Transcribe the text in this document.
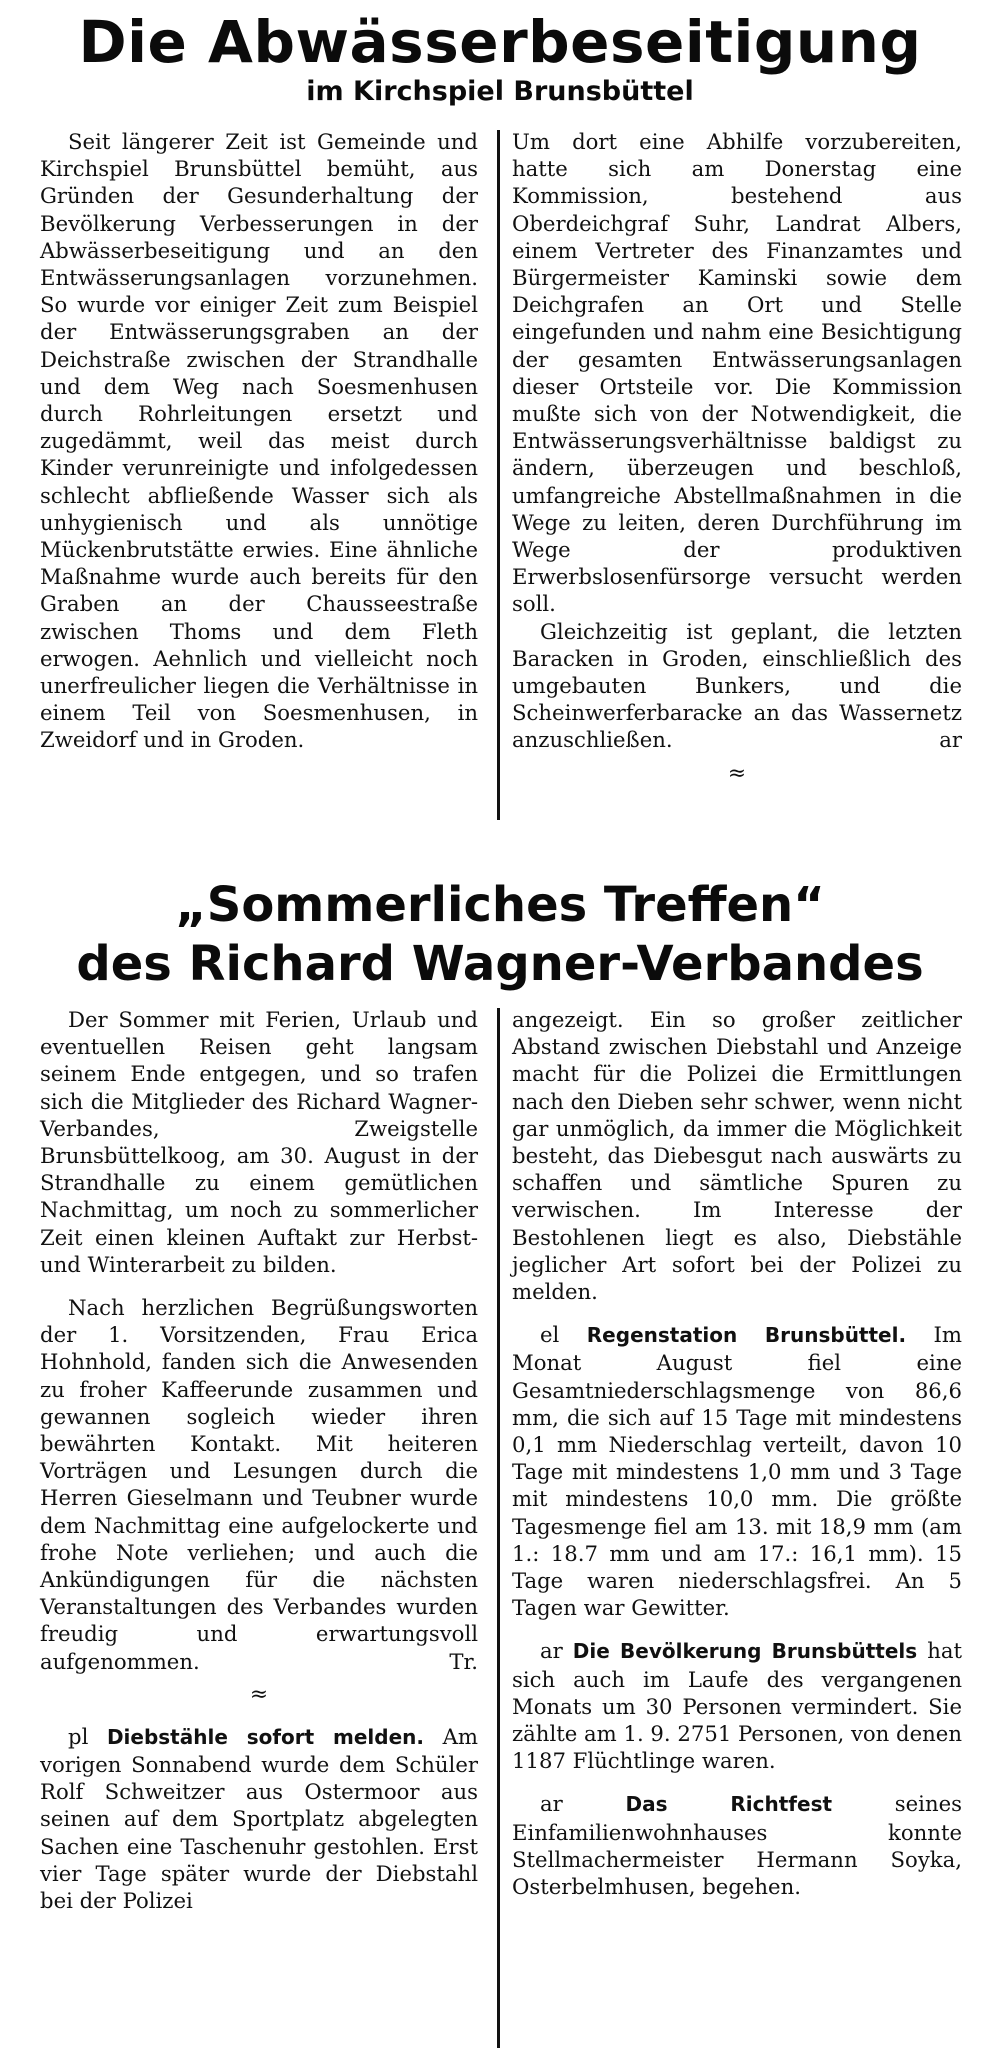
Die Abwässerbeseitigung
im Kirchspiel Brunsbüttel

Seit längerer Zeit ist Gemeinde und Kirchspiel Brunsbüttel bemüht, aus Gründen der Gesunderhaltung der Bevölkerung Verbesserungen in der Abwässerbeseitigung und an den Entwässerungsanlagen vorzunehmen. So wurde vor einiger Zeit zum Beispiel der Entwässerungsgraben an der Deichstraße zwischen der Strandhalle und dem Weg nach Soesmenhusen durch Rohrleitungen ersetzt und zugedämmt, weil das meist durch Kinder verunreinigte und infolgedessen schlecht abfließende Wasser sich als unhygienisch und als unnötige Mückenbrutstätte erwies. Eine ähnliche Maßnahme wurde auch bereits für den Graben an der Chausseestraße zwischen Thoms und dem Fleth erwogen. Aehnlich und vielleicht noch unerfreulicher liegen die Verhältnisse in einem Teil von Soesmenhusen, in Zweidorf und in Groden.

Um dort eine Abhilfe vorzubereiten, hatte sich am Donerstag eine Kommission, bestehend aus Oberdeichgraf Suhr, Landrat Albers, einem Vertreter des Finanzamtes und Bürgermeister Kaminski sowie dem Deichgrafen an Ort und Stelle eingefunden und nahm eine Besichtigung der gesamten Entwässerungsanlagen dieser Ortsteile vor. Die Kommission mußte sich von der Notwendigkeit, die Entwässerungsverhältnisse baldigst zu ändern, überzeugen und beschloß, umfangreiche Abstellmaßnahmen in die Wege zu leiten, deren Durchführung im Wege der produktiven Erwerbslosenfürsorge versucht werden soll.

Gleichzeitig ist geplant, die letzten Baracken in Groden, einschließlich des umgebauten Bunkers, und die Scheinwerferbaracke an das Wassernetz anzuschließen.	ar

≈

„Sommerliches Treffen“
des Richard Wagner-Verbandes

Der Sommer mit Ferien, Urlaub und eventuellen Reisen geht langsam seinem Ende entgegen, und so trafen sich die Mitglieder des Richard Wagner-Verbandes, Zweigstelle Brunsbüttelkoog, am 30. August in der Strandhalle zu einem gemütlichen Nachmittag, um noch zu sommerlicher Zeit einen kleinen Auftakt zur Herbst- und Winterarbeit zu bilden.

Nach herzlichen Begrüßungsworten der 1. Vorsitzenden, Frau Erica Hohnhold, fanden sich die Anwesenden zu froher Kaffeerunde zusammen und gewannen sogleich wieder ihren bewährten Kontakt. Mit heiteren Vorträgen und Lesungen durch die Herren Gieselmann und Teubner wurde dem Nachmittag eine aufgelockerte und frohe Note verliehen; und auch die Ankündigungen für die nächsten Veranstaltungen des Verbandes wurden freudig und erwartungsvoll aufgenommen.	Tr.

≈

pl Diebstähle sofort melden. Am vorigen Sonnabend wurde dem Schüler Rolf Schweitzer aus Ostermoor aus seinen auf dem Sportplatz abgelegten Sachen eine Taschenuhr gestohlen. Erst vier Tage später wurde der Diebstahl bei der Polizei

angezeigt. Ein so großer zeitlicher Abstand zwischen Diebstahl und Anzeige macht für die Polizei die Ermittlungen nach den Dieben sehr schwer, wenn nicht gar unmöglich, da immer die Möglichkeit besteht, das Diebesgut nach auswärts zu schaffen und sämtliche Spuren zu verwischen. Im Interesse der Bestohlenen liegt es also, Diebstähle jeglicher Art sofort bei der Polizei zu melden.

el Regenstation Brunsbüttel. Im Monat August fiel eine Gesamtniederschlagsmenge von 86,6 mm, die sich auf 15 Tage mit mindestens 0,1 mm Niederschlag verteilt, davon 10 Tage mit mindestens 1,0 mm und 3 Tage mit mindestens 10,0 mm. Die größte Tagesmenge fiel am 13. mit 18,9 mm (am 1.: 18.7 mm und am 17.: 16,1 mm). 15 Tage waren niederschlagsfrei. An 5 Tagen war Gewitter.

ar Die Bevölkerung Brunsbüttels hat sich auch im Laufe des vergangenen Monats um 30 Personen vermindert. Sie zählte am 1. 9. 2751 Personen, von denen 1187 Flüchtlinge waren.

ar	Das Richtfest	seines Einfamilienwohnhauses konnte Stellmachermeister Hermann Soyka, Osterbelmhusen, begehen.
